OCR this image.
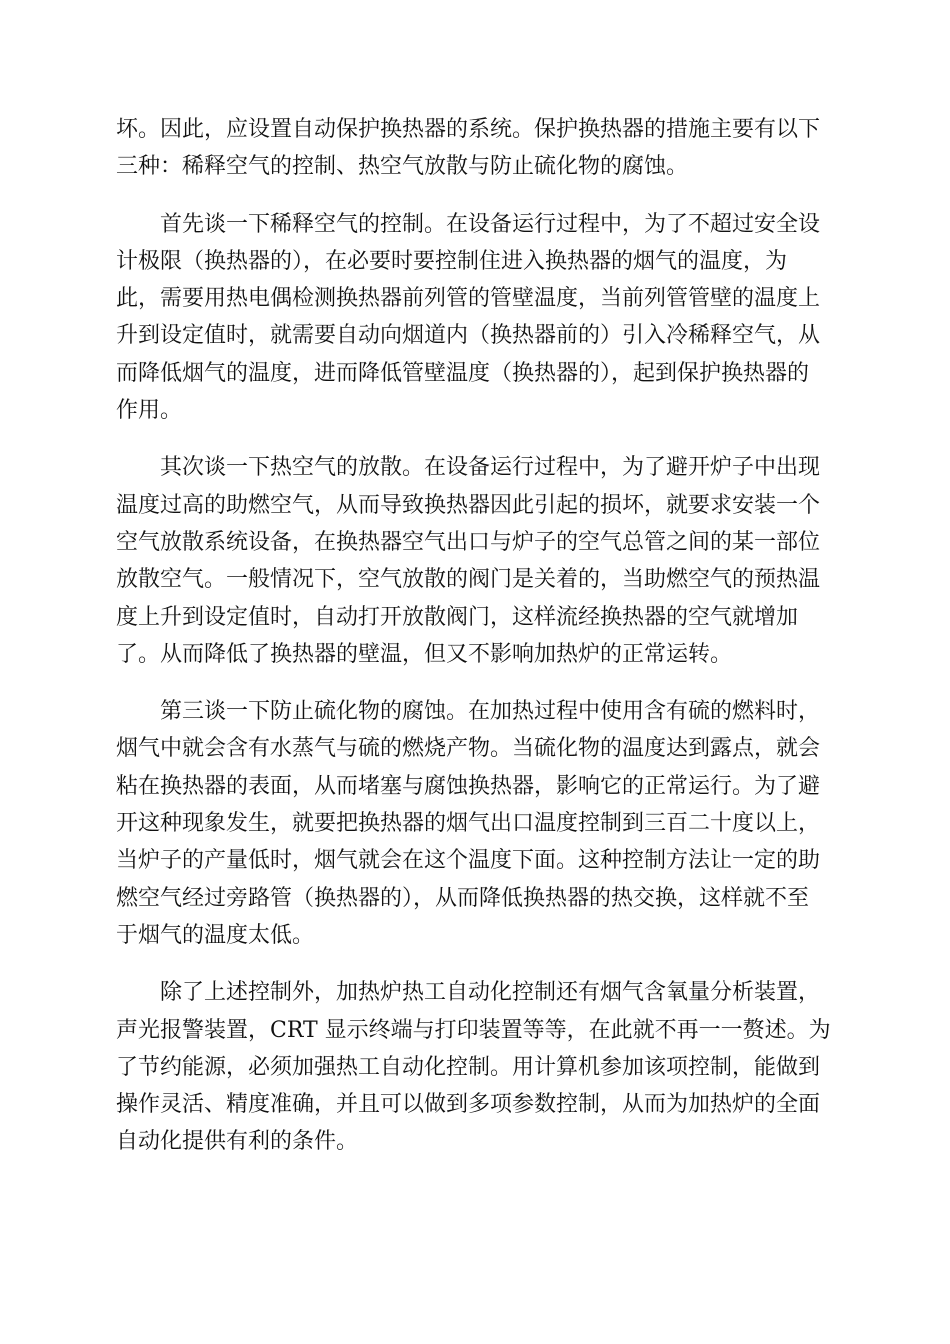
坏。因此，应设置自动保护换热器的系统。保护换热器的措施主要有以下
三种：稀释空气的控制、热空气放散与防止硫化物的腐蚀。
首先谈一下稀释空气的控制。在设备运行过程中，为了不超过安全设
计极限（换热器的），在必要时要控制住进入换热器的烟气的温度，为
此，需要用热电偶检测换热器前列管的管壁温度，当前列管管壁的温度上
升到设定值时，就需要自动向烟道内（换热器前的）引入冷稀释空气，从
而降低烟气的温度，进而降低管壁温度（换热器的），起到保护换热器的
作用。
其次谈一下热空气的放散。在设备运行过程中，为了避开炉子中出现
温度过高的助燃空气，从而导致换热器因此引起的损坏，就要求安装一个
空气放散系统设备，在换热器空气出口与炉子的空气总管之间的某一部位
放散空气。一般情况下，空气放散的阀门是关着的，当助燃空气的预热温
度上升到设定值时，自动打开放散阀门，这样流经换热器的空气就增加
了。从而降低了换热器的壁温，但又不影响加热炉的正常运转。
第三谈一下防止硫化物的腐蚀。在加热过程中使用含有硫的燃料时，
烟气中就会含有水蒸气与硫的燃烧产物。当硫化物的温度达到露点，就会
粘在换热器的表面，从而堵塞与腐蚀换热器，影响它的正常运行。为了避
开这种现象发生，就要把换热器的烟气出口温度控制到三百二十度以上，
当炉子的产量低时，烟气就会在这个温度下面。这种控制方法让一定的助
燃空气经过旁路管（换热器的），从而降低换热器的热交换，这样就不至
于烟气的温度太低。
除了上述控制外，加热炉热工自动化控制还有烟气含氧量分析装置，
声光报警装置，CRT 显示终端与打印装置等等，在此就不再一一赘述。为
了节约能源，必须加强热工自动化控制。用计算机参加该项控制，能做到
操作灵活、精度准确，并且可以做到多项参数控制，从而为加热炉的全面
自动化提供有利的条件。
